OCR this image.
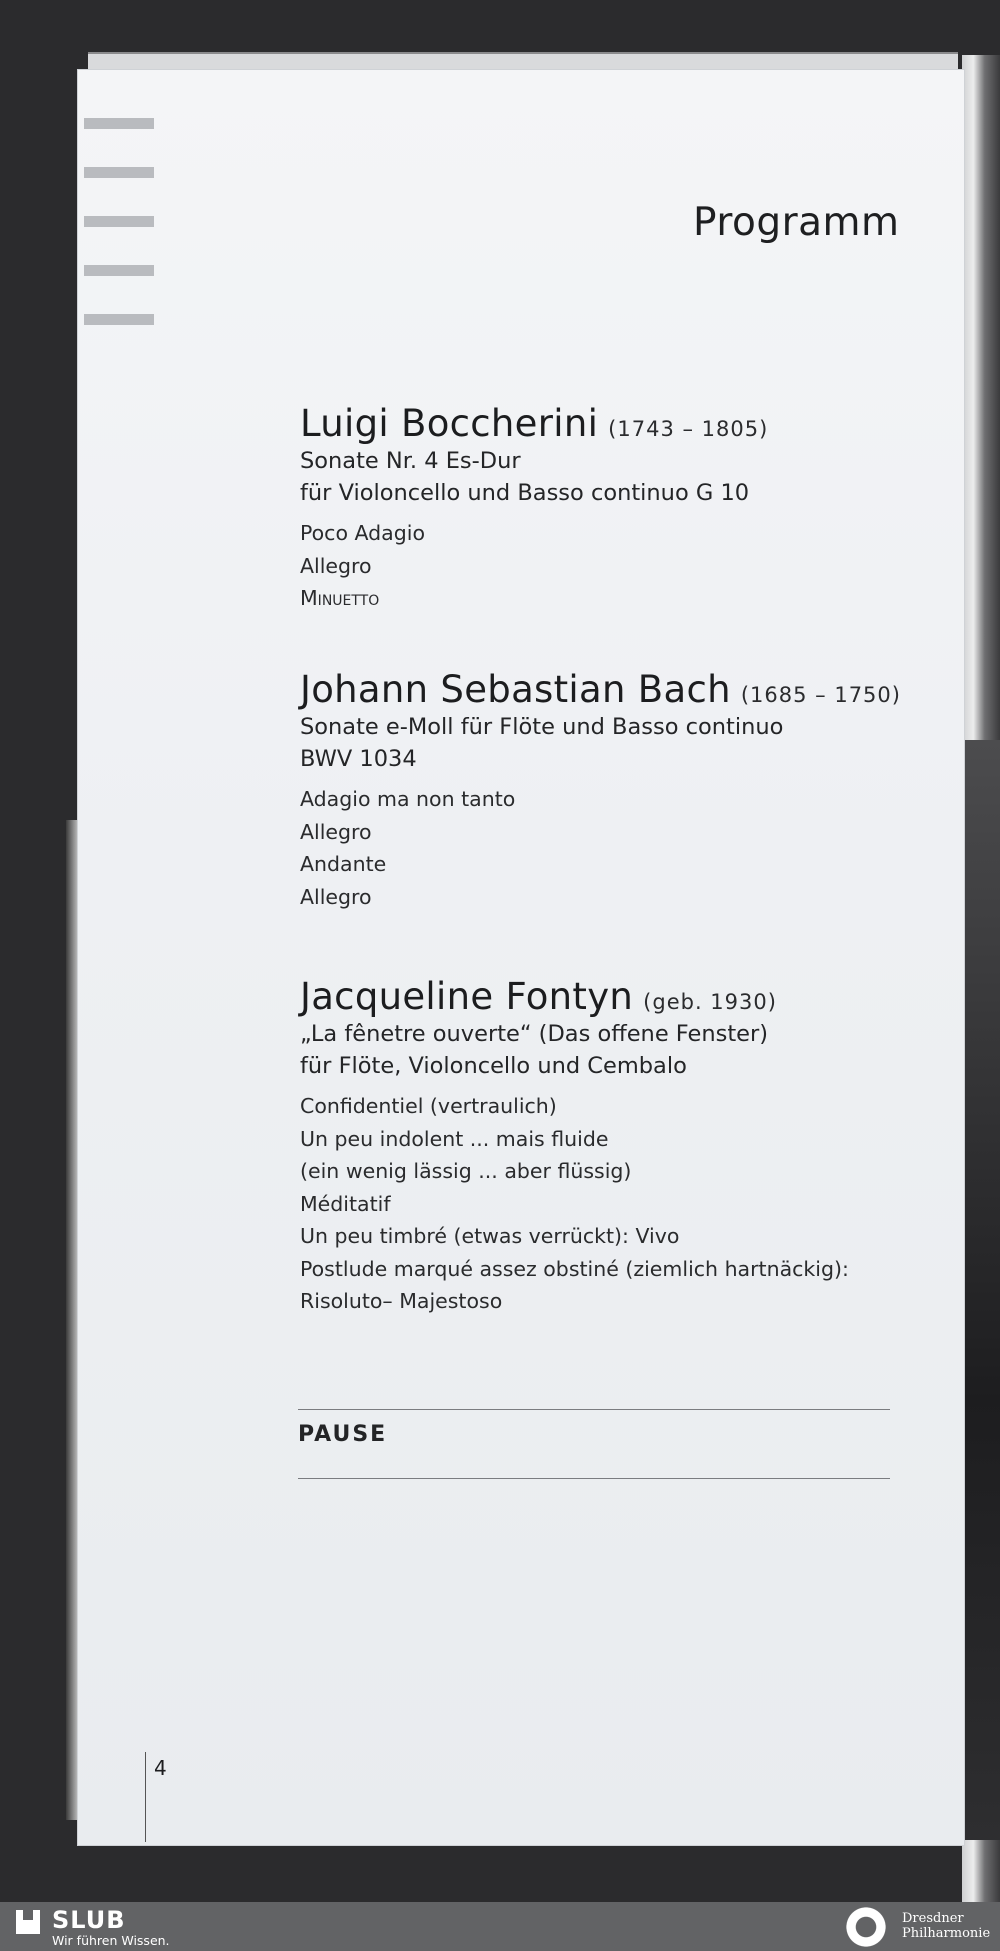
Programm
Luigi Boccherini (1743 – 1805)
Sonate Nr. 4 Es-Dur
für Violoncello und Basso continuo G 10
Poco Adagio
Allegro
Minuetto
Johann Sebastian Bach (1685 – 1750)
Sonate e-Moll für Flöte und Basso continuo
BWV 1034
Adagio ma non tanto
Allegro
Andante
Allegro
Jacqueline Fontyn (geb. 1930)
„La fênetre ouverte“ (Das offene Fenster)
für Flöte, Violoncello und Cembalo
Confidentiel (vertraulich)
Un peu indolent ... mais fluide
(ein wenig lässig ... aber flüssig)
Méditatif
Un peu timbré (etwas verrückt): Vivo
Postlude marqué assez obstiné (ziemlich hartnäckig):
Risoluto– Majestoso
PAUSE
4
SLUB
Wir führen Wissen.
Dresdner
Philharmonie
